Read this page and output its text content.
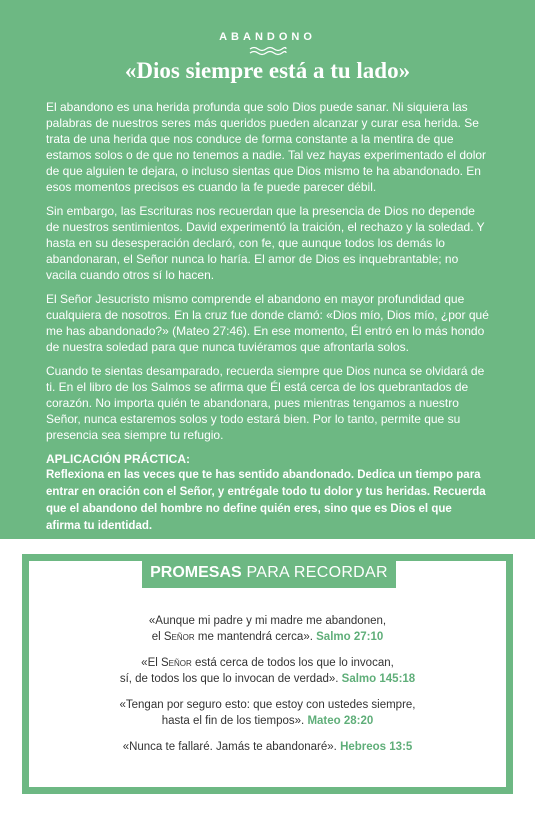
ABANDONO
«Dios siempre está a tu lado»

El abandono es una herida profunda que solo Dios puede sanar. Ni siquiera las palabras de nuestros seres más queridos pueden alcanzar y curar esa herida. Se trata de una herida que nos conduce de forma constante a la mentira de que estamos solos o de que no tenemos a nadie. Tal vez hayas experimentado el dolor de que alguien te dejara, o incluso sientas que Dios mismo te ha abandonado. En esos momentos precisos es cuando la fe puede parecer débil.

Sin embargo, las Escrituras nos recuerdan que la presencia de Dios no depende de nuestros sentimientos. David experimentó la traición, el rechazo y la soledad. Y hasta en su desesperación declaró, con fe, que aunque todos los demás lo abandonaran, el Señor nunca lo haría. El amor de Dios es inquebrantable; no vacila cuando otros sí lo hacen.

El Señor Jesucristo mismo comprende el abandono en mayor profundidad que cualquiera de nosotros. En la cruz fue donde clamó: «Dios mío, Dios mío, ¿por qué me has abandonado?» (Mateo 27:46). En ese momento, Él entró en lo más hondo de nuestra soledad para que nunca tuviéramos que afrontarla solos.

Cuando te sientas desamparado, recuerda siempre que Dios nunca se olvidará de ti. En el libro de los Salmos se afirma que Él está cerca de los quebrantados de corazón. No importa quién te abandonara, pues mientras tengamos a nuestro Señor, nunca estaremos solos y todo estará bien. Por lo tanto, permite que su presencia sea siempre tu refugio.

APLICACIÓN PRÁCTICA:
Reflexiona en las veces que te has sentido abandonado. Dedica un tiempo para entrar en oración con el Señor, y entrégale todo tu dolor y tus heridas. Recuerda que el abandono del hombre no define quién eres, sino que es Dios el que afirma tu identidad.
PROMESAS PARA RECORDAR
«Aunque mi padre y mi madre me abandonen,
el Señor me mantendrá cerca». Salmo 27:10
«El Señor está cerca de todos los que lo invocan,
sí, de todos los que lo invocan de verdad». Salmo 145:18
«Tengan por seguro esto: que estoy con ustedes siempre,
hasta el fin de los tiempos». Mateo 28:20
«Nunca te fallaré. Jamás te abandonaré». Hebreos 13:5
